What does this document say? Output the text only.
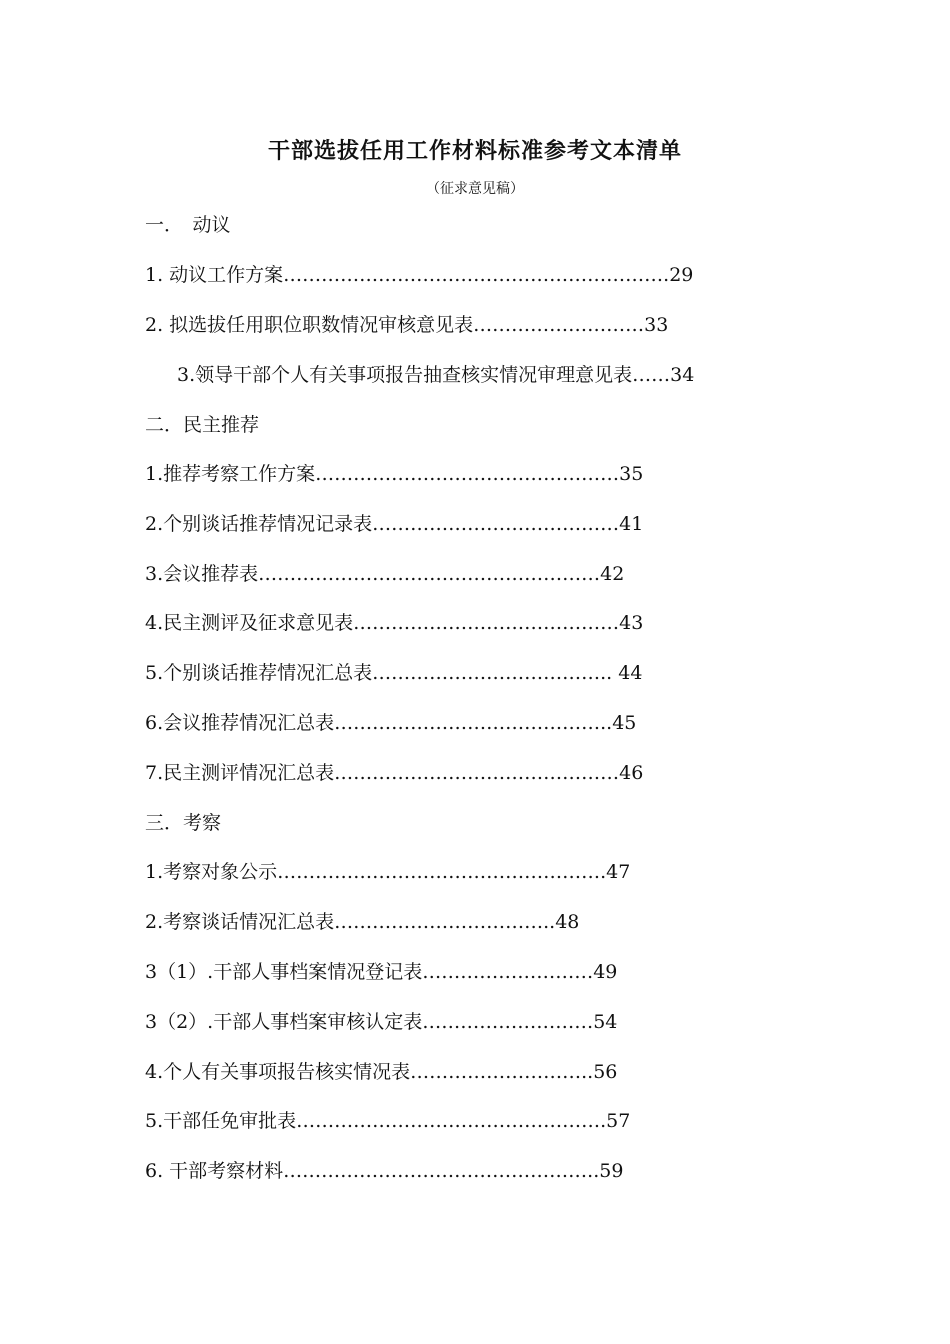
干部选拔任用工作材料标准参考文本清单
（征求意见稿）
一．　动议
1. 动议工作方案…………………………………………………….29
2. 拟选拔任用职位职数情况审核意见表………………………33
3.领导干部个人有关事项报告抽查核实情况审理意见表……34
二．民主推荐
1.推荐考察工作方案…………………………………………35
2.个别谈话推荐情况记录表…………………………………41
3.会议推荐表………………………………………………42
4.民主测评及征求意见表……………………………………43
5.个别谈话推荐情况汇总表……………………………….. 44
6.会议推荐情况汇总表……………………………………..45
7.民主测评情况汇总表………………………………………46
三．考察
1.考察对象公示…………………………………………….47
2.考察谈话情况汇总表……………………………..48
3（1）.干部人事档案情况登记表………………………49
3（2）.干部人事档案审核认定表………………………54
4.个人有关事项报告核实情况表………………………..56
5.干部任免审批表………………………………………….57
6. 干部考察材料…………………………………………..59
